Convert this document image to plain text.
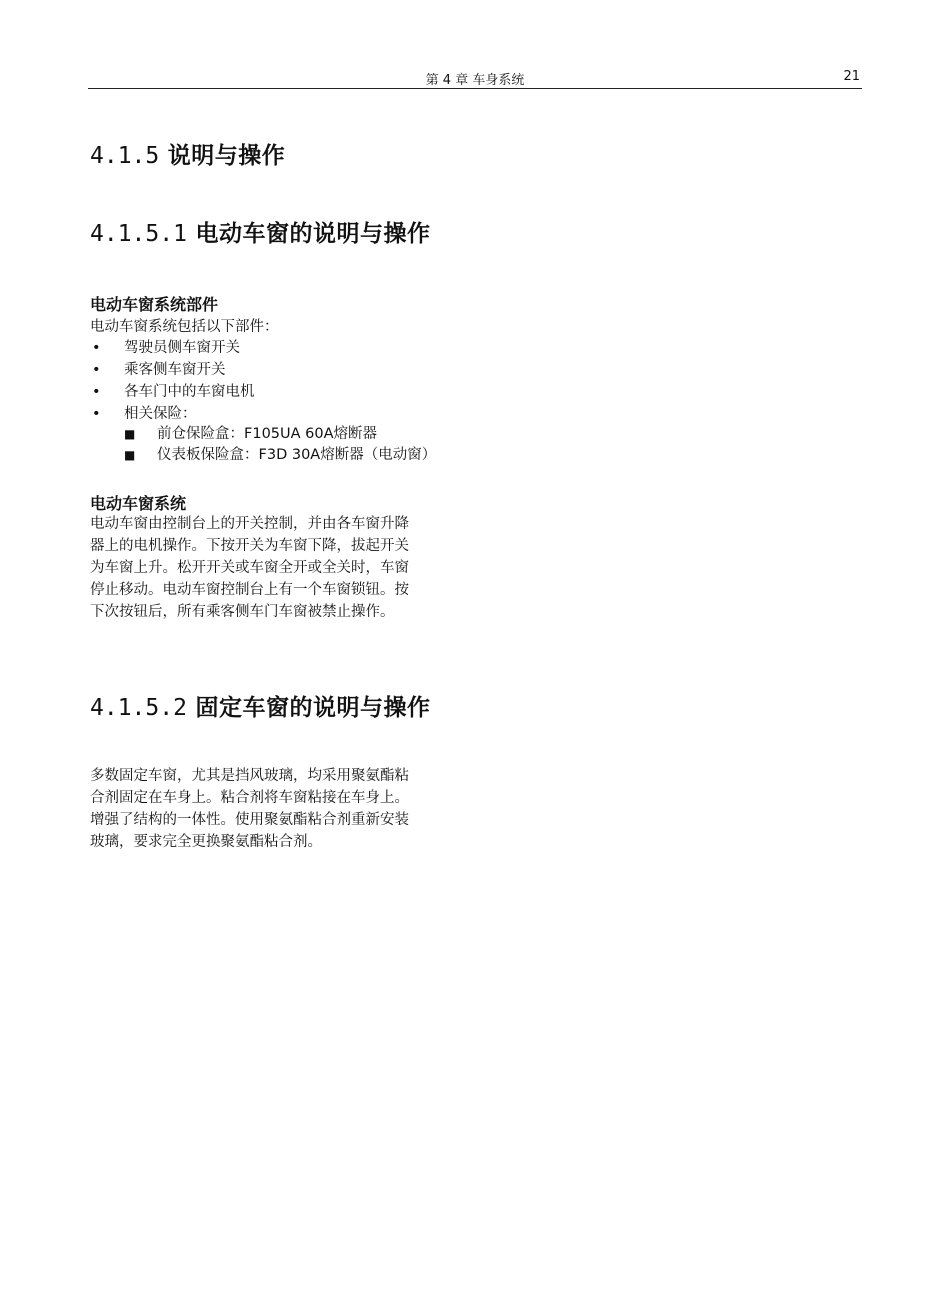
第 4 章 车身系统	21
4.1.5 说明与操作
4.1.5.1 电动车窗的说明与操作
电动车窗系统部件

电动车窗系统包括以下部件：

• 驾驶员侧车窗开关
• 乘客侧车窗开关
• 各车门中的车窗电机
• 相关保险：
■ 前仓保险盒：F105UA 60A熔断器
■ 仪表板保险盒：F3D 30A熔断器（电动窗）
电动车窗系统
电动车窗由控制台上的开关控制，并由各车窗升降
器上的电机操作。下按开关为车窗下降，拔起开关
为车窗上升。松开开关或车窗全开或全关时，车窗
停止移动。电动车窗控制台上有一个车窗锁钮。按
下次按钮后，所有乘客侧车门车窗被禁止操作。
4.1.5.2 固定车窗的说明与操作
多数固定车窗，尤其是挡风玻璃，均采用聚氨酯粘
合剂固定在车身上。粘合剂将车窗粘接在车身上。
增强了结构的一体性。使用聚氨酯粘合剂重新安装
玻璃，要求完全更换聚氨酯粘合剂。
